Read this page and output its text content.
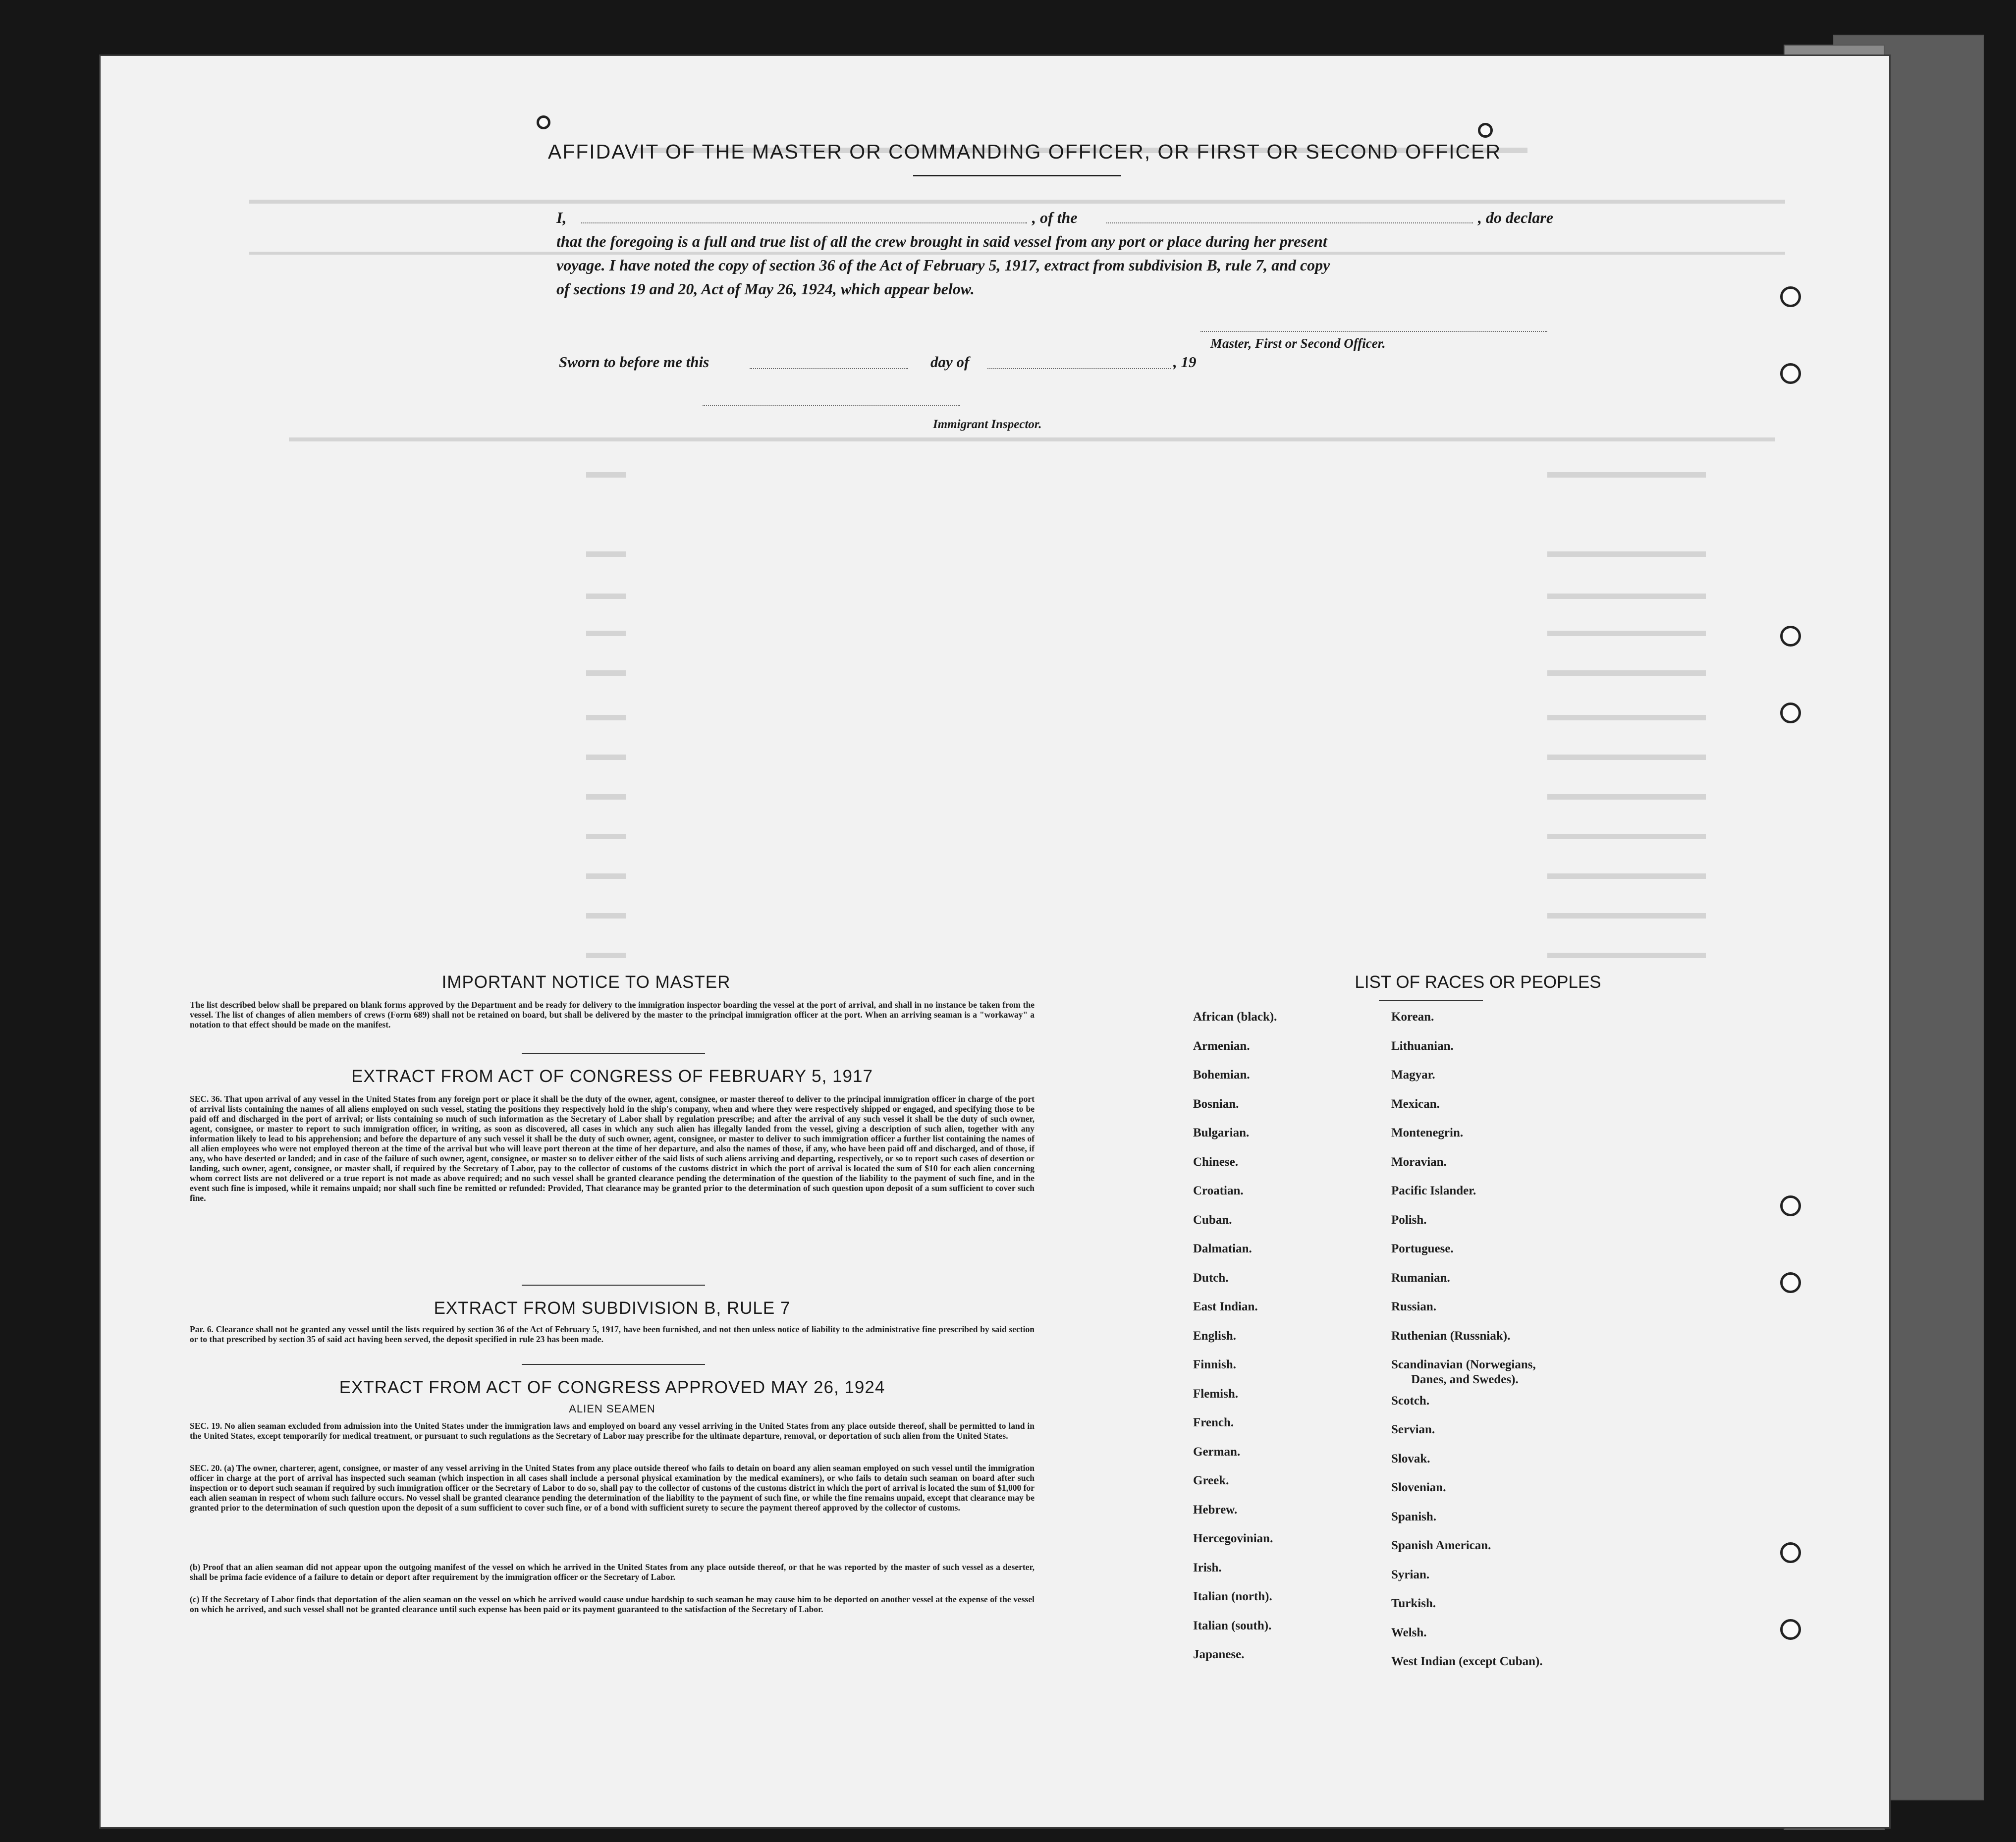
AFFIDAVIT OF THE MASTER OR COMMANDING OFFICER, OR FIRST OR SECOND OFFICER
I,	, of the	, do declare
that the foregoing is a full and true list of all the crew brought in said vessel from any port or place during her present
voyage. I have noted the copy of section 36 of the Act of February 5, 1917, extract from subdivision B, rule 7, and copy
of sections 19 and 20, Act of May 26, 1924, which appear below.
Master, First or Second Officer.
Sworn to before me this	day of	, 19
Immigrant Inspector.
IMPORTANT NOTICE TO MASTER
The list described below shall be prepared on blank forms approved by the Department and be ready for delivery to the immigration inspector boarding the vessel at the port of arrival, and shall in no instance be taken from the vessel. The list of changes of alien members of crews (Form 689) shall not be retained on board, but shall be delivered by the master to the principal immigration officer at the port. When an arriving seaman is a "workaway" a notation to that effect should be made on the manifest.
EXTRACT FROM ACT OF CONGRESS OF FEBRUARY 5, 1917
SEC. 36. That upon arrival of any vessel in the United States from any foreign port or place it shall be the duty of the owner, agent, consignee, or master thereof to deliver to the principal immigration officer in charge of the port of arrival lists containing the names of all aliens employed on such vessel, stating the positions they respectively hold in the ship's company, when and where they were respectively shipped or engaged, and specifying those to be paid off and discharged in the port of arrival; or lists containing so much of such information as the Secretary of Labor shall by regulation prescribe; and after the arrival of any such vessel it shall be the duty of such owner, agent, consignee, or master to report to such immigration officer, in writing, as soon as discovered, all cases in which any such alien has illegally landed from the vessel, giving a description of such alien, together with any information likely to lead to his apprehension; and before the departure of any such vessel it shall be the duty of such owner, agent, consignee, or master to deliver to such immigration officer a further list containing the names of all alien employees who were not employed thereon at the time of the arrival but who will leave port thereon at the time of her departure, and also the names of those, if any, who have been paid off and discharged, and of those, if any, who have deserted or landed; and in case of the failure of such owner, agent, consignee, or master so to deliver either of the said lists of such aliens arriving and departing, respectively, or so to report such cases of desertion or landing, such owner, agent, consignee, or master shall, if required by the Secretary of Labor, pay to the collector of customs of the customs district in which the port of arrival is located the sum of $10 for each alien concerning whom correct lists are not delivered or a true report is not made as above required; and no such vessel shall be granted clearance pending the determination of the question of the liability to the payment of such fine, and in the event such fine is imposed, while it remains unpaid; nor shall such fine be remitted or refunded: Provided, That clearance may be granted prior to the determination of such question upon deposit of a sum sufficient to cover such fine.
EXTRACT FROM SUBDIVISION B, RULE 7
Par. 6. Clearance shall not be granted any vessel until the lists required by section 36 of the Act of February 5, 1917, have been furnished, and not then unless notice of liability to the administrative fine prescribed by said section or to that prescribed by section 35 of said act having been served, the deposit specified in rule 23 has been made.
EXTRACT FROM ACT OF CONGRESS APPROVED MAY 26, 1924
ALIEN SEAMEN
SEC. 19. No alien seaman excluded from admission into the United States under the immigration laws and employed on board any vessel arriving in the United States from any place outside thereof, shall be permitted to land in the United States, except temporarily for medical treatment, or pursuant to such regulations as the Secretary of Labor may prescribe for the ultimate departure, removal, or deportation of such alien from the United States.
SEC. 20. (a) The owner, charterer, agent, consignee, or master of any vessel arriving in the United States from any place outside thereof who fails to detain on board any alien seaman employed on such vessel until the immigration officer in charge at the port of arrival has inspected such seaman (which inspection in all cases shall include a personal physical examination by the medical examiners), or who fails to detain such seaman on board after such inspection or to deport such seaman if required by such immigration officer or the Secretary of Labor to do so, shall pay to the collector of customs of the customs district in which the port of arrival is located the sum of $1,000 for each alien seaman in respect of whom such failure occurs. No vessel shall be granted clearance pending the determination of the liability to the payment of such fine, or while the fine remains unpaid, except that clearance may be granted prior to the determination of such question upon the deposit of a sum sufficient to cover such fine, or of a bond with sufficient surety to secure the payment thereof approved by the collector of customs.
(b) Proof that an alien seaman did not appear upon the outgoing manifest of the vessel on which he arrived in the United States from any place outside thereof, or that he was reported by the master of such vessel as a deserter, shall be prima facie evidence of a failure to detain or deport after requirement by the immigration officer or the Secretary of Labor.
(c) If the Secretary of Labor finds that deportation of the alien seaman on the vessel on which he arrived would cause undue hardship to such seaman he may cause him to be deported on another vessel at the expense of the vessel on which he arrived, and such vessel shall not be granted clearance until such expense has been paid or its payment guaranteed to the satisfaction of the Secretary of Labor.
LIST OF RACES OR PEOPLES
African (black).
Armenian.
Bohemian.
Bosnian.
Bulgarian.
Chinese.
Croatian.
Cuban.
Dalmatian.
Dutch.
East Indian.
English.
Finnish.
Flemish.
French.
German.
Greek.
Hebrew.
Hercegovinian.
Irish.
Italian (north).
Italian (south).
Japanese.
Korean.
Lithuanian.
Magyar.
Mexican.
Montenegrin.
Moravian.
Pacific Islander.
Polish.
Portuguese.
Rumanian.
Russian.
Ruthenian (Russniak).
Scandinavian (Norwegians,
Danes, and Swedes).
Scotch.
Servian.
Slovak.
Slovenian.
Spanish.
Spanish American.
Syrian.
Turkish.
Welsh.
West Indian (except Cuban).
